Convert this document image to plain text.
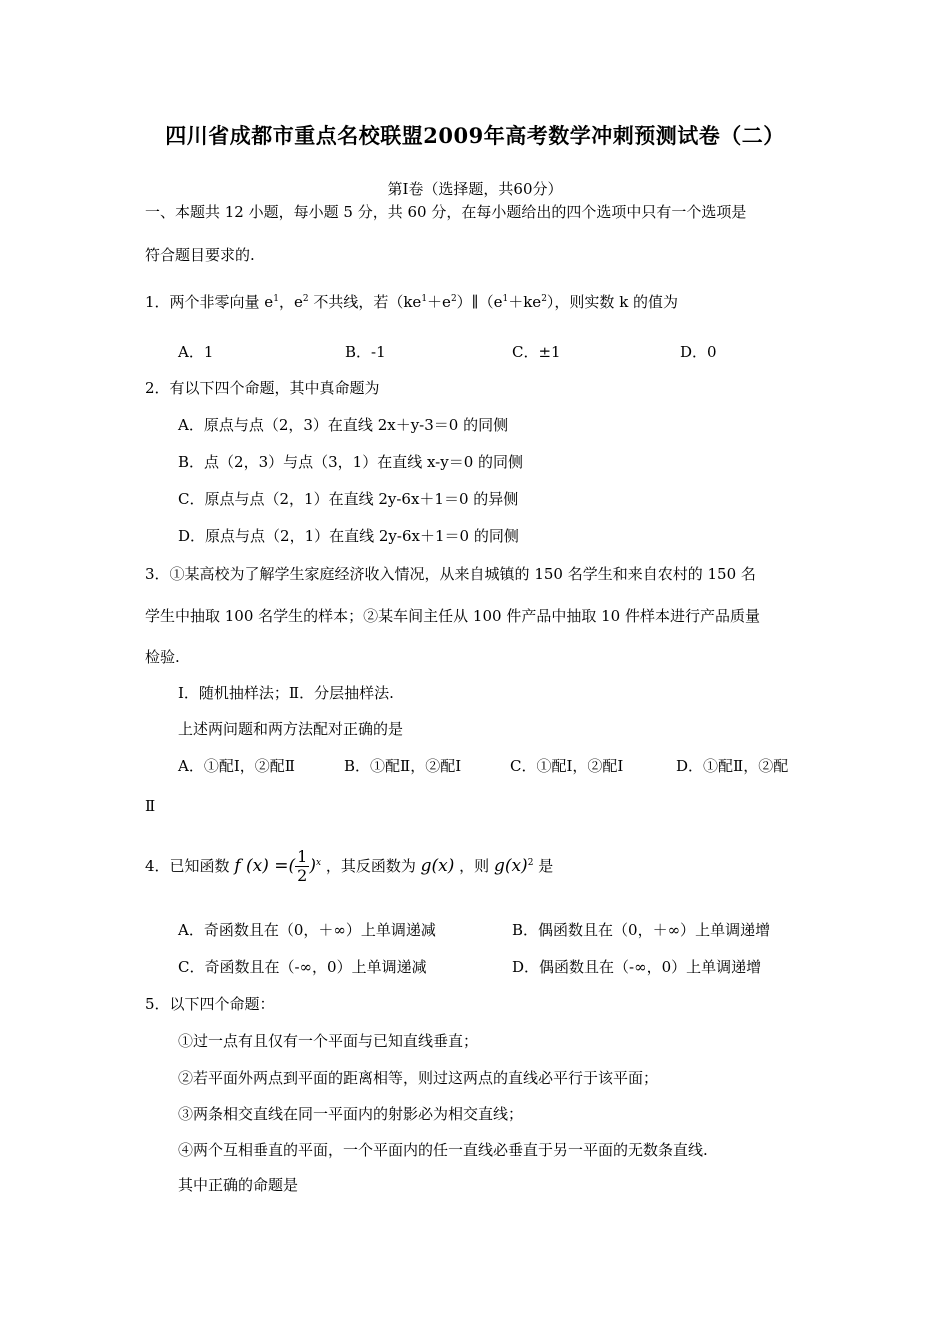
四川省成都市重点名校联盟2009年高考数学冲刺预测试卷（二）
第Ⅰ卷（选择题，共60分）
一、本题共 12 小题，每小题 5 分，共 60 分，在每小题给出的四个选项中只有一个选项是
符合题目要求的.
1．两个非零向量 $e^1$，$e^2$ 不共线，若$(ke^1+e^2)\parallel(e^1+ke^2)$，则实数 k 的值为
A．1	B．-1	C．±1	D．0
2．有以下四个命题，其中真命题为
A．原点与点（2，3）在直线 2x＋y-3＝0 的同侧
B．点（2，3）与点（3，1）在直线 x-y＝0 的同侧
C．原点与点（2，1）在直线 2y-6x＋1＝0 的异侧
D．原点与点（2，1）在直线 2y-6x＋1＝0 的同侧
3．①某高校为了解学生家庭经济收入情况，从来自城镇的 150 名学生和来自农村的 150 名
学生中抽取 100 名学生的样本；②某车间主任从 100 件产品中抽取 10 件样本进行产品质量
检验.
I．随机抽样法；Ⅱ．分层抽样法.
上述两问题和两方法配对正确的是
A．①配Ⅰ，②配Ⅱ	B．①配Ⅱ，②配Ⅰ	C．①配Ⅰ，②配Ⅰ	D．①配Ⅱ，②配
Ⅱ
4．已知函数 f (x) =( $\frac{1}{2} )^x$ ，其反函数为 g(x) ，则 $g(x)^2$ 是
A．奇函数且在（0，＋∞）上单调递减	B．偶函数且在（0，＋∞）上单调递增
C．奇函数且在（-∞，0）上单调递减	D．偶函数且在（-∞，0）上单调递增
5．以下四个命题：
①过一点有且仅有一个平面与已知直线垂直；
②若平面外两点到平面的距离相等，则过这两点的直线必平行于该平面；
③两条相交直线在同一平面内的射影必为相交直线；
④两个互相垂直的平面，一个平面内的任一直线必垂直于另一平面的无数条直线.
其中正确的命题是
